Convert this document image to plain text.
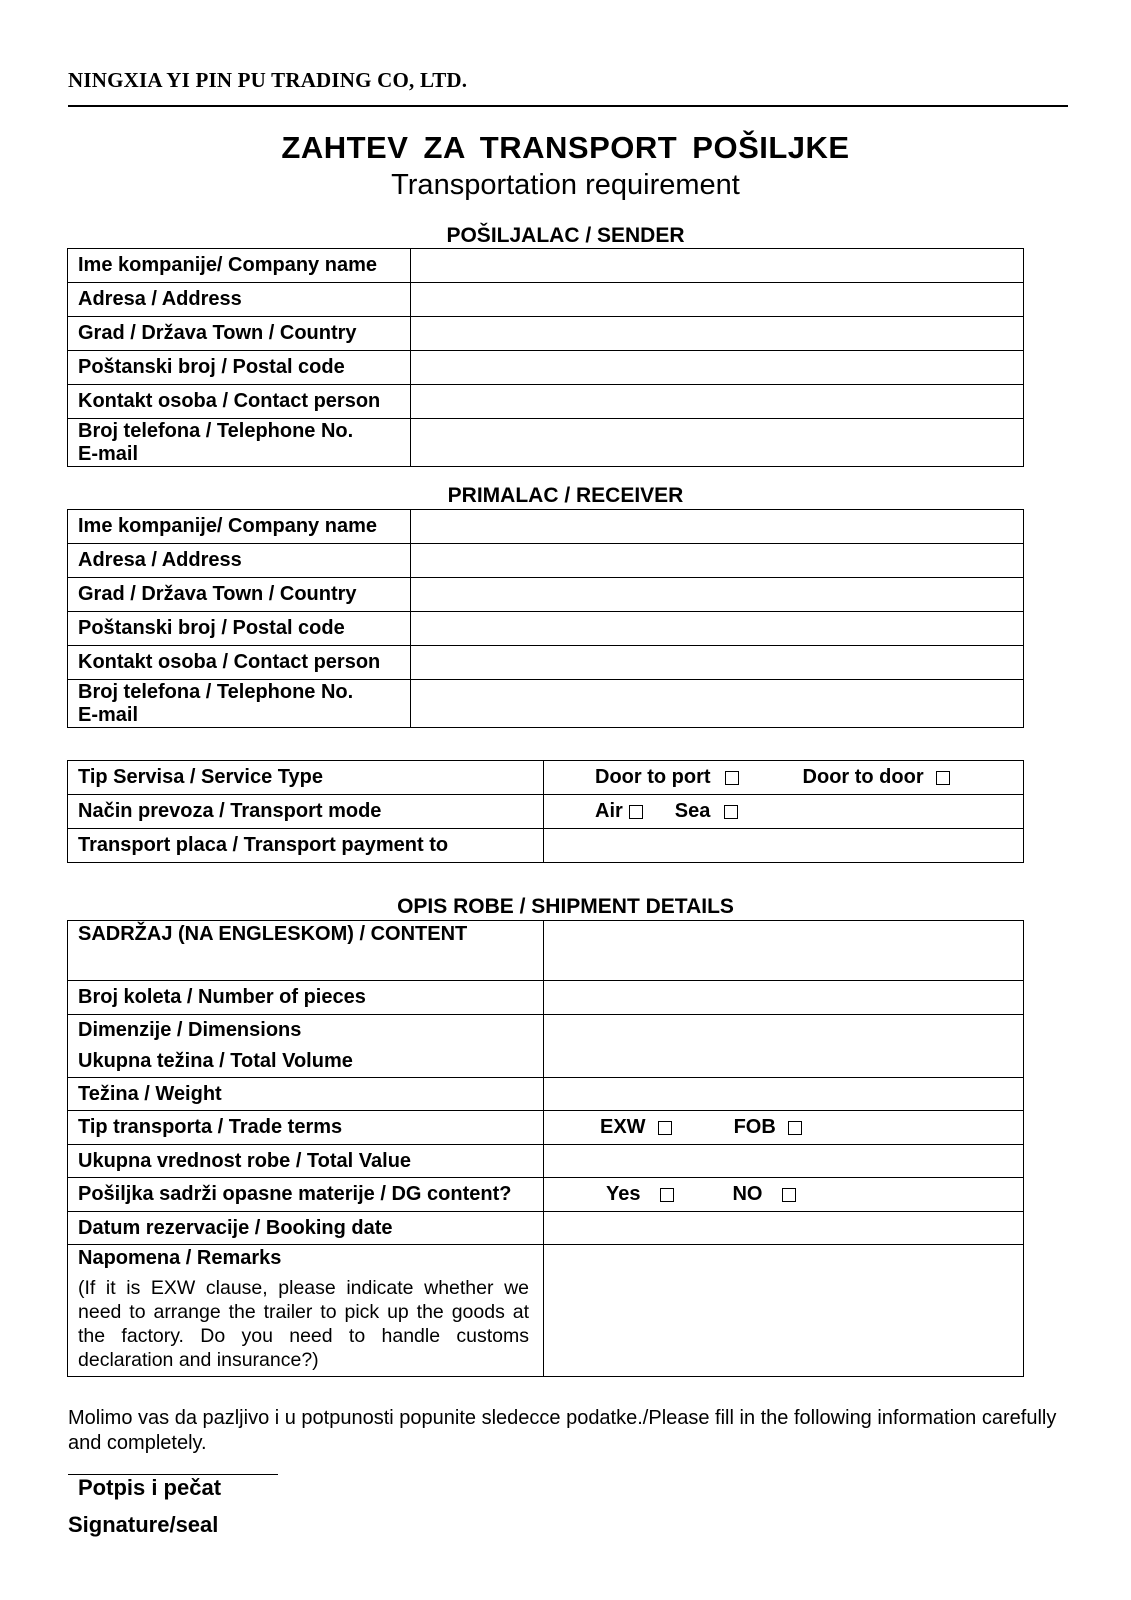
NINGXIA YI PIN PU TRADING CO, LTD.
ZAHTEV ZA TRANSPORT POŠILJKE
Transportation requirement
POŠILJALAC / SENDER
Ime kompanije/ Company name	
Adresa / Address	
Grad / Država Town / Country	
Poštanski broj / Postal code	
Kontakt osoba / Contact person	
Broj telefona / Telephone No.
E-mail	
PRIMALAC / RECEIVER
Ime kompanije/ Company name	
Adresa / Address	
Grad / Država Town / Country	
Poštanski broj / Postal code	
Kontakt osoba / Contact person	
Broj telefona / Telephone No.
E-mail	
Tip Servisa / Service Type	Door to port Door to door

Način prevoza / Transport mode	Air Sea

Transport placa / Transport payment to	
OPIS ROBE / SHIPMENT DETAILS
SADRŽAJ (NA ENGLESKOM) / CONTENT	
Broj koleta / Number of pieces	
Dimenzije / Dimensions
Ukupna težina / Total Volume	
Težina / Weight	
Tip transporta / Trade terms	EXW FOB

Ukupna vrednost robe / Total Value	
Pošiljka sadrži opasne materije / DG content?	Yes NO

Datum rezervacije / Booking date	
Napomena / Remarks
(If it is EXW clause, please indicate whether we need to arrange the trailer to pick up the goods at the factory. Do you need to handle customs declaration and insurance?)	

Molimo vas da pazljivo i u potpunosti popunite sledecce podatke./Please fill in the following information carefully and completely.
Potpis i pečat
Signature/seal
